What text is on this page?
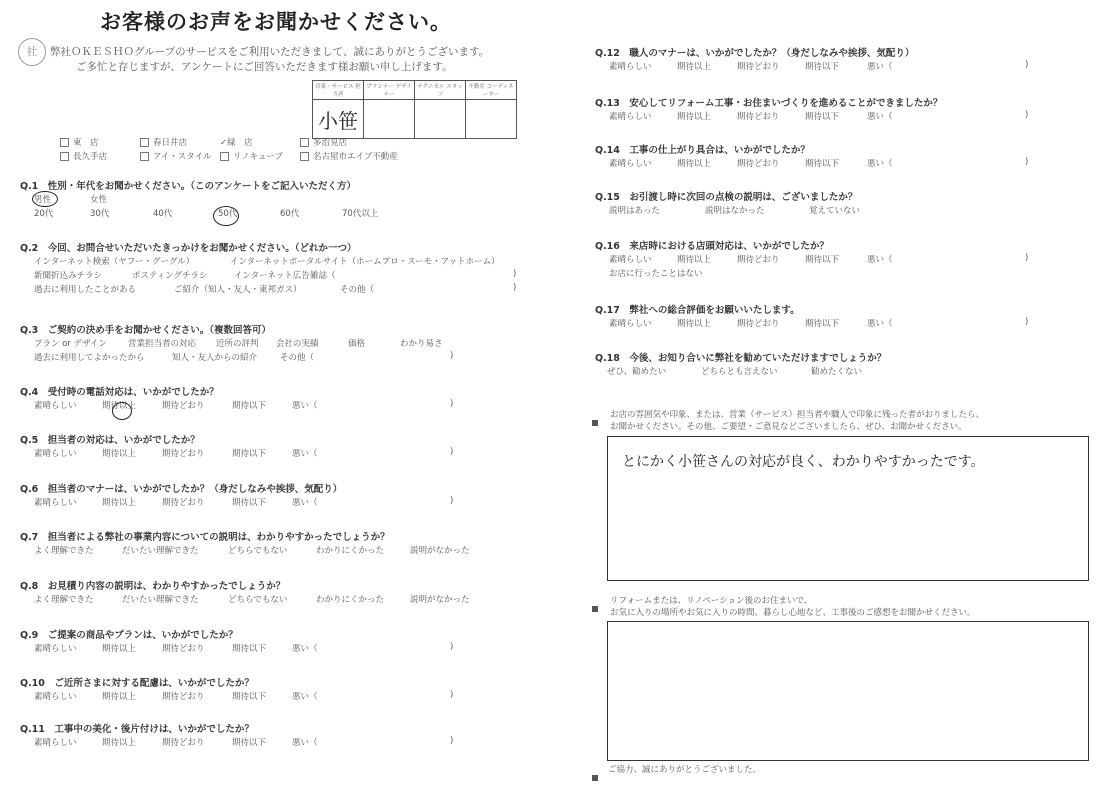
お客様のお声をお聞かせください。
社	弊社ＯＫＥＳＨＯグループのサービスをご利用いただきまして、誠にありがとうございます。
ご多忙と存じますが、アンケートにご回答いただきます様お願い申し上げます。
営業・サービス 担当者	プランナー デザイナー	テクニカル スタッフ	不動産 コーディネーター
小笹			
東　店	春日井店	✓緑　店	多治見店
長久手店	アイ・スタイル	リノキューブ	名古屋市エイブ不動産
Q.1　性別・年代をお聞かせください。（このアンケートをご記入いただく方）
男性	女性
20代	30代	40代	50代	60代	70代以上
Q.2　今回、お問合せいただいたきっかけをお聞かせください。（どれか一つ）
インターネット検索（ヤフー・グーグル）	インターネットポータルサイト（ホームプロ・スーモ・アットホーム）
新聞折込みチラシ	ポスティングチラシ	インターネット広告 雑誌（	)
過去に利用したことがある	ご紹介（知人・友人・東邦ガス）	その他（	)
Q.3　ご契約の決め手をお聞かせください。（複数回答可）
プラン or デザイン 営業担当者の対応 近所の評判 会社の実績	価格	わかり易さ
過去に利用してよかったから	知人・友人からの紹介	その他（	)
Q.4　受付時の電話対応は、いかがでしたか？
素晴らしい	期待以上	期待どおり	期待以下	悪い（	)
Q.5　担当者の対応は、いかがでしたか？
素晴らしい	期待以上	期待どおり	期待以下	悪い（	)
Q.6　担当者のマナーは、いかがでしたか？（身だしなみや挨拶、気配り）
素晴らしい	期待以上	期待どおり	期待以下	悪い（	)
Q.7　担当者による弊社の事業内容についての説明は、わかりやすかったでしょうか？
よく理解できた	だいたい理解できた	どちらでもない	わかりにくかった	説明がなかった
Q.8　お見積り内容の説明は、わかりやすかったでしょうか？
よく理解できた	だいたい理解できた	どちらでもない	わかりにくかった	説明がなかった
Q.9　ご提案の商品やプランは、いかがでしたか？
素晴らしい	期待以上	期待どおり	期待以下	悪い（	)
Q.10　ご近所さまに対する配慮は、いかがでしたか？
素晴らしい	期待以上	期待どおり	期待以下	悪い（	)
Q.11　工事中の美化・後片付けは、いかがでしたか？
素晴らしい	期待以上	期待どおり	期待以下	悪い（	)
Q.12　職人のマナーは、いかがでしたか？（身だしなみや挨拶、気配り）
素晴らしい	期待以上	期待どおり	期待以下	悪い（	)
Q.13　安心してリフォーム工事・お住まいづくりを進めることができましたか？
素晴らしい	期待以上	期待どおり	期待以下	悪い（	)
Q.14　工事の仕上がり具合は、いかがでしたか？
素晴らしい	期待以上	期待どおり	期待以下	悪い（	)
Q.15　お引渡し時に次回の点検の説明は、ございましたか？
説明はあった	説明はなかった	覚えていない
Q.16　来店時における店頭対応は、いかがでしたか？
素晴らしい	期待以上	期待どおり	期待以下	悪い（	)
お店に行ったことはない
Q.17　弊社への総合評価をお願いいたします。
素晴らしい	期待以上	期待どおり	期待以下	悪い（	)
Q.18　今後、お知り合いに弊社を勧めていただけますでしょうか？
ぜひ、勧めたい	どちらとも言えない	勧めたくない
お店の雰囲気や印象、または、営業（サービス）担当者や職人で印象に残った者がおりましたら、
お聞かせください。その他、ご要望・ご意見などございましたら、ぜひ、お聞かせください。
とにかく小笹さんの対応が良く、わかりやすかったです。
リフォームまたは、リノベーション後のお住まいで、
お気に入りの場所やお気に入りの時間、暮らし心地など、工事後のご感想をお聞かせください。
ご協力、誠にありがとうございました。
